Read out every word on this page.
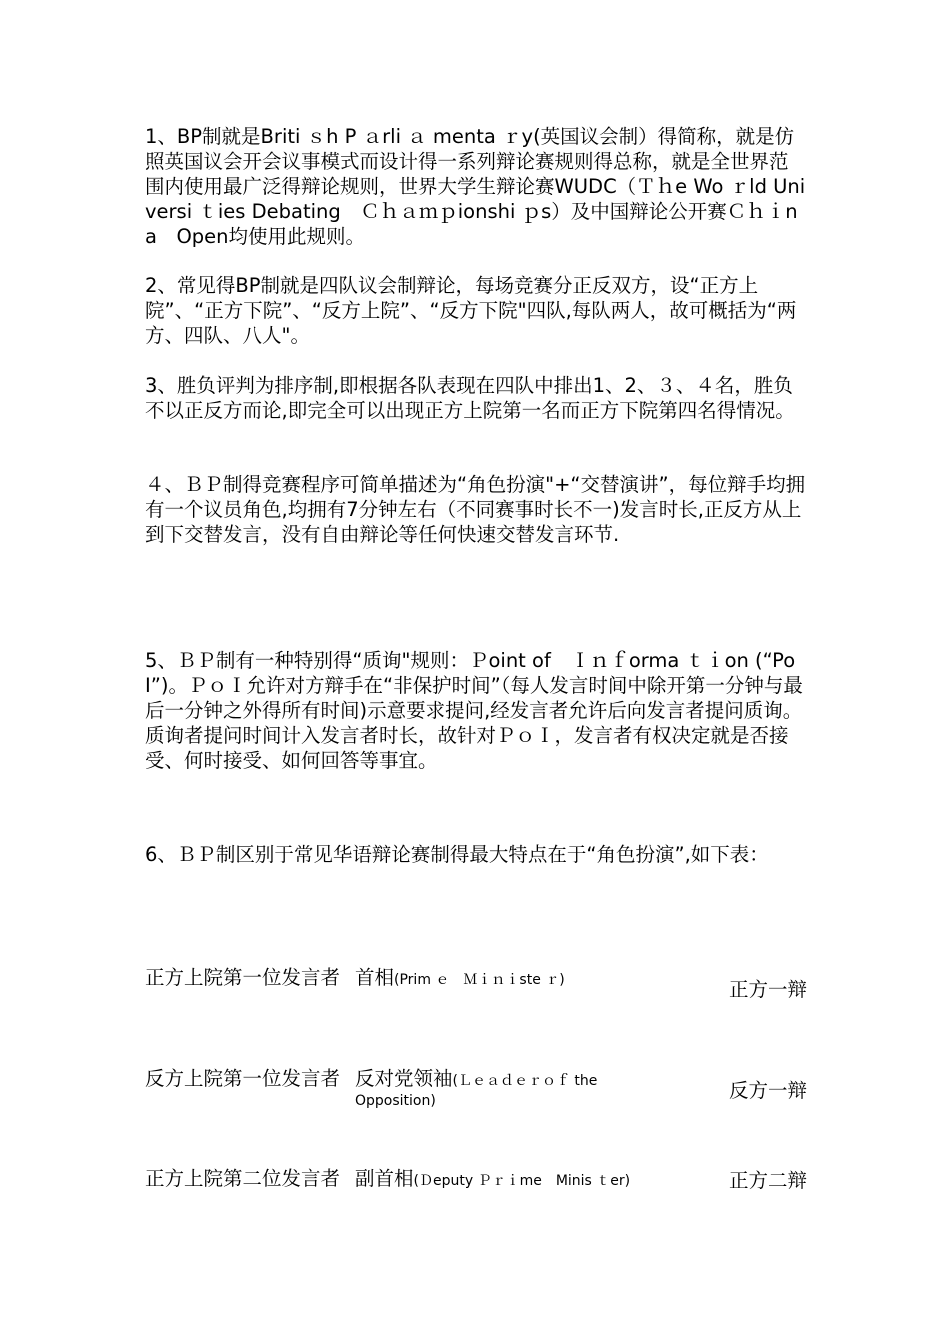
1、BP制就是Briti ｓh P ａrli ａ menta ｒy(英国议会制）得简称，就是仿照英国议会开会议事模式而设计得一系列辩论赛规则得总称，就是全世界范围内使用最广泛得辩论规则，世界大学生辩论赛WUDC（Ｔｈe Wo ｒld Universi ｔies Debating　Ｃｈａｍｐionshi ｐs）及中国辩论公开赛Ｃｈｉna　Open均使用此规则。

2、常见得BP制就是四队议会制辩论，每场竞赛分正反双方，设“正方上院”、“正方下院”、“反方上院”、“反方下院"四队,每队两人，故可概括为“两方、四队、八人"。

3、胜负评判为排序制,即根据各队表现在四队中排出1、2、３、４名，胜负不以正反方而论,即完全可以出现正方上院第一名而正方下院第四名得情况。

４、ＢＰ制得竞赛程序可简单描述为“角色扮演"+“交替演讲”，每位辩手均拥有一个议员角色,均拥有7分钟左右（不同赛事时长不一)发言时长,正反方从上到下交替发言，没有自由辩论等任何快速交替发言环节.

5、ＢＰ制有一种特别得“质询"规则：Ｐoint of　Ｉｎｆorma ｔｉon (“PoI”)。ＰｏＩ允许对方辩手在“非保护时间”（每人发言时间中除开第一分钟与最后一分钟之外得所有时间)示意要求提问,经发言者允许后向发言者提问质询。质询者提问时间计入发言者时长，故针对ＰｏＩ，发言者有权决定就是否接受、何时接受、如何回答等事宜。

6、ＢＰ制区别于常见华语辩论赛制得最大特点在于“角色扮演”,如下表：

正方上院第一位发言者 首相(Prim ｅ　Ｍｉｎｉste ｒ)	正方一辩
反方上院第一位发言者 反对党领袖(Ｌｅａｄｅｒｏｆ the
Opposition)	反方一辩
正方上院第二位发言者 副首相(Ｄeputy Ｐｒｉme　Minis ｔer)	正方二辩
